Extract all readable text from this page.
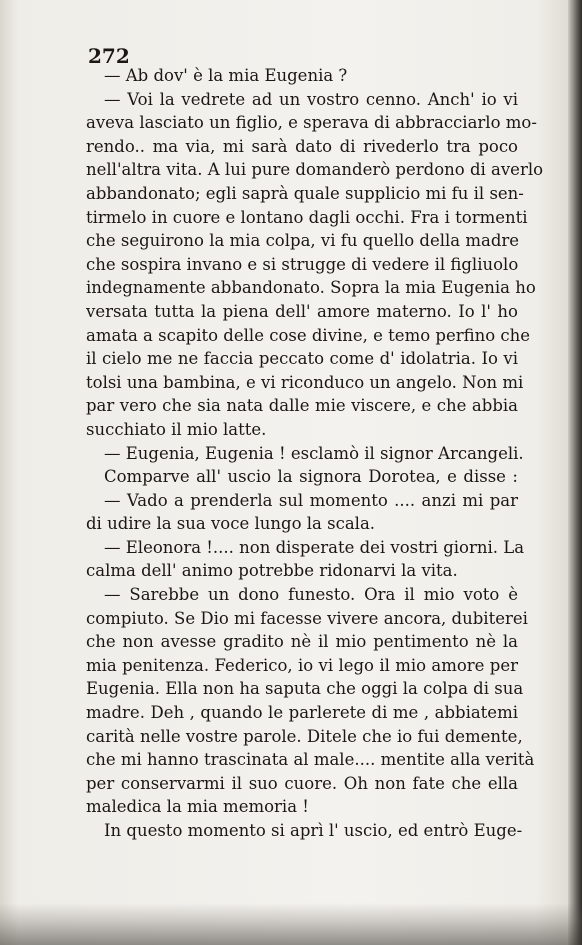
272
— Ab dov' è la mia Eugenia ?
— Voi la vedrete ad un vostro cenno. Anch' io vi
aveva lasciato un figlio, e sperava di abbracciarlo mo-
rendo.. ma via, mi sarà dato di rivederlo tra poco
nell'altra vita. A lui pure domanderò perdono di averlo
abbandonato; egli saprà quale supplicio mi fu il sen-
tirmelo in cuore e lontano dagli occhi. Fra i tormenti
che seguirono la mia colpa, vi fu quello della madre
che sospira invano e si strugge di vedere il figliuolo
indegnamente abbandonato. Sopra la mia Eugenia ho
versata tutta la piena dell' amore materno. Io l' ho
amata a scapito delle cose divine, e temo perfino che
il cielo me ne faccia peccato come d' idolatria. Io vi
tolsi una bambina, e vi riconduco un angelo. Non mi
par vero che sia nata dalle mie viscere, e che abbia
succhiato il mio latte.
— Eugenia, Eugenia ! esclamò il signor Arcangeli.
Comparve all' uscio la signora Dorotea, e disse :
— Vado a prenderla sul momento .... anzi mi par
di udire la sua voce lungo la scala.
— Eleonora !.... non disperate dei vostri giorni. La
calma dell' animo potrebbe ridonarvi la vita.
— Sarebbe un dono funesto. Ora il mio voto è
compiuto. Se Dio mi facesse vivere ancora, dubiterei
che non avesse gradito nè il mio pentimento nè la
mia penitenza. Federico, io vi lego il mio amore per
Eugenia. Ella non ha saputa che oggi la colpa di sua
madre. Deh , quando le parlerete di me , abbiatemi
carità nelle vostre parole. Ditele che io fui demente,
che mi hanno trascinata al male.... mentite alla verità
per conservarmi il suo cuore. Oh non fate che ella
maledica la mia memoria !
In questo momento si aprì l' uscio, ed entrò Euge-
